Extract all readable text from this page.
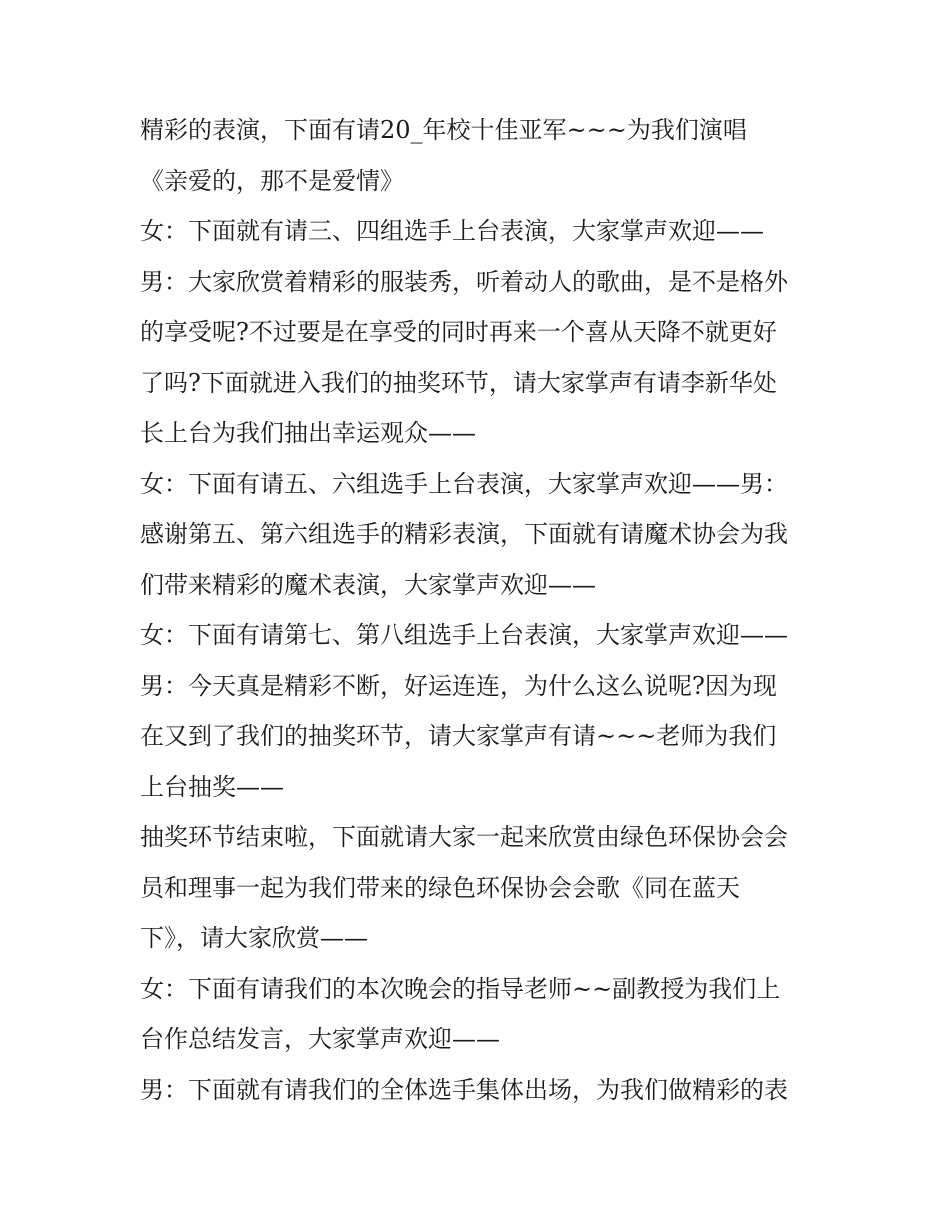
精彩的表演，下面有请20_年校十佳亚军~~~为我们演唱
《亲爱的，那不是爱情》
女：下面就有请三、四组选手上台表演，大家掌声欢迎——
男：大家欣赏着精彩的服装秀，听着动人的歌曲，是不是格外
的享受呢?不过要是在享受的同时再来一个喜从天降不就更好
了吗?下面就进入我们的抽奖环节，请大家掌声有请李新华处
长上台为我们抽出幸运观众——
女：下面有请五、六组选手上台表演，大家掌声欢迎——男：
感谢第五、第六组选手的精彩表演，下面就有请魔术协会为我
们带来精彩的魔术表演，大家掌声欢迎——
女：下面有请第七、第八组选手上台表演，大家掌声欢迎——
男：今天真是精彩不断，好运连连，为什么这么说呢?因为现
在又到了我们的抽奖环节，请大家掌声有请~~~老师为我们
上台抽奖——
抽奖环节结束啦，下面就请大家一起来欣赏由绿色环保协会会
员和理事一起为我们带来的绿色环保协会会歌《同在蓝天
下》，请大家欣赏——
女：下面有请我们的本次晚会的指导老师~~副教授为我们上
台作总结发言，大家掌声欢迎——
男：下面就有请我们的全体选手集体出场，为我们做精彩的表
